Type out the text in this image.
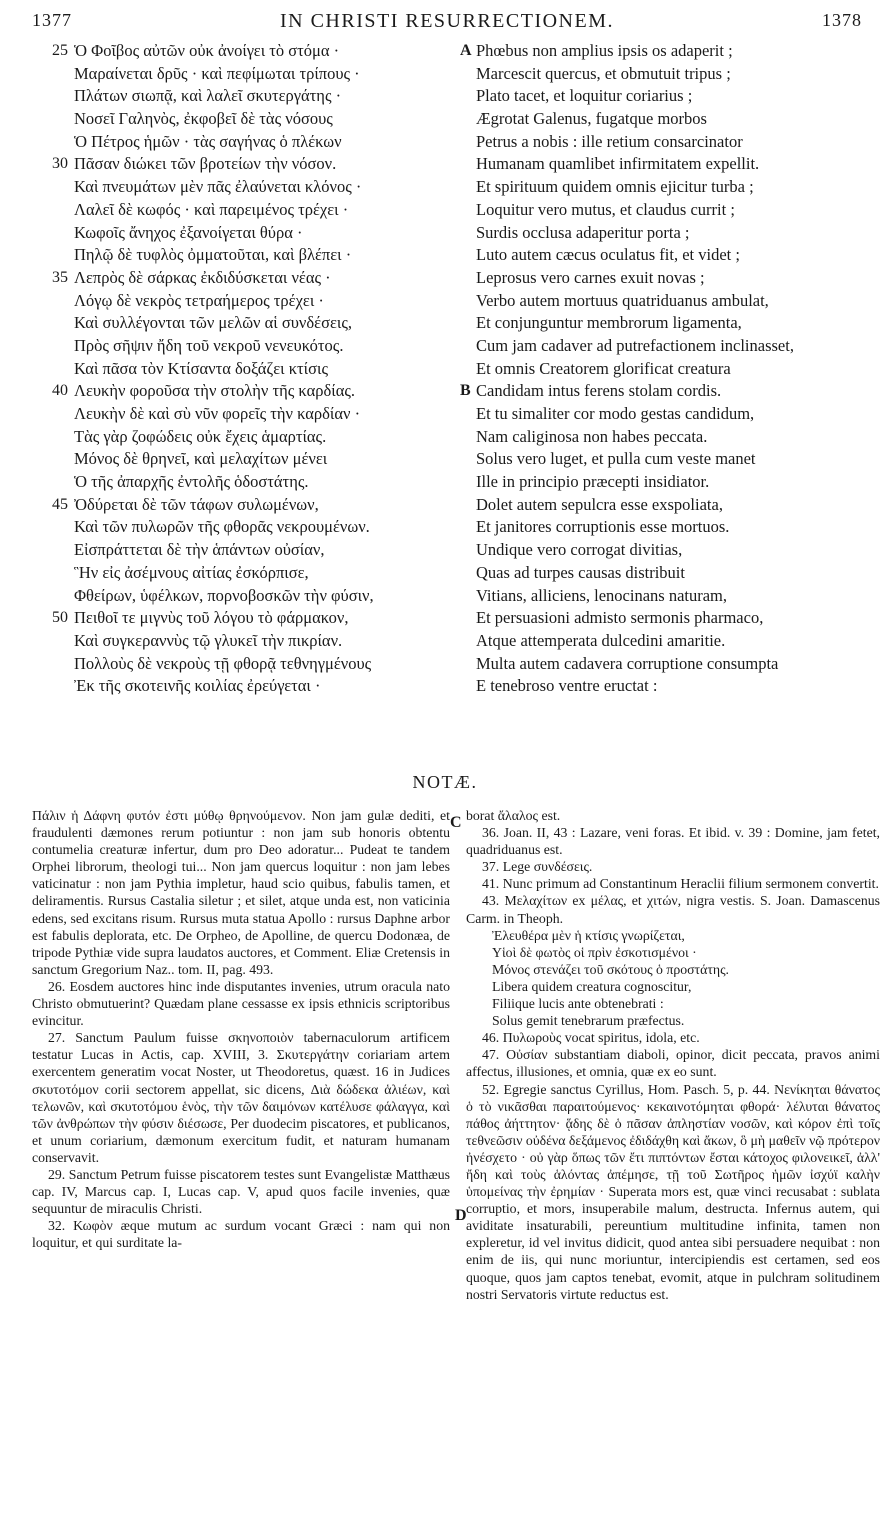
1377	IN CHRISTI RESURRECTIONEM.	1378
25 Ὁ Φοῖβος αὐτῶν οὐκ ἀνοίγει τὸ στόμα ·
Μαραίνεται δρῦς · καὶ πεφίμωται τρίπους ·
Πλάτων σιωπᾷ, καὶ λαλεῖ σκυτεργάτης ·
Νοσεῖ Γαληνὸς, ἐκφοβεῖ δὲ τὰς νόσους
Ὁ Πέτρος ἡμῶν · τὰς σαγήνας ὁ πλέκων
30 Πᾶσαν διώκει τῶν βροτείων τὴν νόσον.
Καὶ πνευμάτων μὲν πᾶς ἐλαύνεται κλόνος ·
Λαλεῖ δὲ κωφός · καὶ παρειμένος τρέχει ·
Κωφοῖς ἄνηχος ἐξανοίγεται θύρα ·
Πηλῷ δὲ τυφλὸς ὀμματοῦται, καὶ βλέπει ·
35 Λεπρὸς δὲ σάρκας ἐκδιδύσκεται νέας ·
Λόγῳ δὲ νεκρὸς τετραήμερος τρέχει ·
Καὶ συλλέγονται τῶν μελῶν αἱ συνδέσεις,
Πρὸς σῆψιν ἤδη τοῦ νεκροῦ νενευκότος.
Καὶ πᾶσα τὸν Κτίσαντα δοξάζει κτίσις
40 Λευκὴν φοροῦσα τὴν στολὴν τῆς καρδίας.
Λευκὴν δὲ καὶ σὺ νῦν φορεῖς τὴν καρδίαν ·
Τὰς γὰρ ζοφώδεις οὐκ ἔχεις ἁμαρτίας.
Μόνος δὲ θρηνεῖ, καὶ μελαχίτων μένει
Ὁ τῆς ἀπαρχῆς ἐντολῆς ὁδοστάτης.
45 Ὀδύρεται δὲ τῶν τάφων συλωμένων,
Καὶ τῶν πυλωρῶν τῆς φθορᾶς νεκρουμένων.
Εἰσπράττεται δὲ τὴν ἁπάντων οὐσίαν,
Ἣν εἰς ἀσέμνους αἰτίας ἐσκόρπισε,
Φθείρων, ὑφέλκων, πορνοβοσκῶν τὴν φύσιν,
50 Πειθοῖ τε μιγνὺς τοῦ λόγου τὸ φάρμακον,
Καὶ συγκεραννὺς τῷ γλυκεῖ τὴν πικρίαν.
Πολλοὺς δὲ νεκροὺς τῇ φθορᾷ τεθνηγμένους
Ἐκ τῆς σκοτεινῆς κοιλίας ἐρεύγεται ·
A Phœbus non amplius ipsis os adaperit ;
Marcescit quercus, et obmutuit tripus ;
Plato tacet, et loquitur coriarius ;
Ægrotat Galenus, fugatque morbos
Petrus a nobis : ille retium consarcinator
Humanam quamlibet infirmitatem expellit.
Et spirituum quidem omnis ejicitur turba ;
Loquitur vero mutus, et claudus currit ;
Surdis occlusa adaperitur porta ;
Luto autem cæcus oculatus fit, et videt ;
Leprosus vero carnes exuit novas ;
Verbo autem mortuus quatriduanus ambulat,
Et conjunguntur membrorum ligamenta,
Cum jam cadaver ad putrefactionem inclinasset,
Et omnis Creatorem glorificat creatura
B Candidam intus ferens stolam cordis.
Et tu simaliter cor modo gestas candidum,
Nam caliginosa non habes peccata.
Solus vero luget, et pulla cum veste manet
Ille in principio præcepti insidiator.
Dolet autem sepulcra esse exspoliata,
Et janitores corruptionis esse mortuos.
Undique vero corrogat divitias,
Quas ad turpes causas distribuit
Vitians, alliciens, lenocinans naturam,
Et persuasioni admisto sermonis pharmaco,
Atque attemperata dulcedini amaritie.
Multa autem cadavera corruptione consumpta
E tenebroso ventre eructat :
NOTÆ.
C
D

Πάλιν ἡ Δάφνη φυτόν ἐστι μύθῳ θρηνούμενον. Non jam gulæ dediti, et fraudulenti dæmones rerum potiuntur : non jam sub honoris obtentu contumelia creaturæ infertur, dum pro Deo adoratur... Pudeat te tandem Orphei librorum, theologi tui... Non jam quercus loquitur : non jam lebes vaticinatur : non jam Pythia impletur, haud scio quibus, fabulis tamen, et deliramentis. Rursus Castalia siletur ; et silet, atque unda est, non vaticinia edens, sed excitans risum. Rursus muta statua Apollo : rursus Daphne arbor est fabulis deplorata, etc. De Orpheo, de Apolline, de quercu Dodonæa, de tripode Pythiæ vide supra laudatos auctores, et Comment. Eliæ Cretensis in sanctum Gregorium Naz.. tom. II, pag. 493.

26. Eosdem auctores hinc inde disputantes invenies, utrum oracula nato Christo obmutuerint? Quædam plane cessasse ex ipsis ethnicis scriptoribus evincitur.

27. Sanctum Paulum fuisse σκηνοποιὸν tabernaculorum artificem testatur Lucas in Actis, cap. XVIII, 3. Σκυτεργάτην coriariam artem exercentem generatim vocat Noster, ut Theodoretus, quæst. 16 in Judices σκυτοτόμον corii sectorem appellat, sic dicens, Διὰ δώδεκα ἁλιέων, καὶ τελωνῶν, καὶ σκυτοτόμου ἑνὸς, τὴν τῶν δαιμόνων κατέλυσε φάλαγγα, καὶ τῶν ἀνθρώπων τὴν φύσιν διέσωσε, Per duodecim piscatores, et publicanos, et unum coriarium, dæmonum exercitum fudit, et naturam humanam conservavit.

29. Sanctum Petrum fuisse piscatorem testes sunt Evangelistæ Matthæus cap. IV, Marcus cap. I, Lucas cap. V, apud quos facile invenies, quæ sequuntur de miraculis Christi.

32. Κωφὸν æque mutum ac surdum vocant Græci : nam qui non loquitur, et qui surditate la-

borat ἄλαλος est.

36. Joan. II, 43 : Lazare, veni foras. Et ibid. v. 39 : Domine, jam fetet, quadriduanus est.

37. Lege συνδέσεις.

41. Nunc primum ad Constantinum Heraclii filium sermonem convertit.

43. Μελαχίτων ex μέλας, et χιτών, nigra vestis. S. Joan. Damascenus Carm. in Theoph.

Ἐλευθέρα μὲν ἡ κτίσις γνωρίζεται,

Υἱοὶ δὲ φωτὸς οἱ πρὶν ἐσκοτισμένοι ·

Μόνος στενάζει τοῦ σκότους ὁ προστάτης.

Libera quidem creatura cognoscitur,

Filiique lucis ante obtenebrati :

Solus gemit tenebrarum præfectus.

46. Πυλωροὺς vocat spiritus, idola, etc.

47. Οὐσίαν substantiam diaboli, opinor, dicit peccata, pravos animi affectus, illusiones, et omnia, quæ ex eo sunt.

52. Egregie sanctus Cyrillus, Hom. Pasch. 5, p. 44. Νενίκηται θάνατος ὁ τὸ νικᾶσθαι παραιτούμενος· κεκαινοτόμηται φθορά· λέλυται θάνατος πάθος ἀήττητον· ᾅδης δὲ ὁ πᾶσαν ἀπληστίαν νοσῶν, καὶ κόρον ἐπὶ τοῖς τεθνεῶσιν οὐδένα δεξάμενος ἐδιδάχθη καὶ ἄκων, ὃ μὴ μαθεῖν νῷ πρότερον ἠνέσχετο · οὐ γὰρ ὅπως τῶν ἔτι πιπτόντων ἔσται κάτοχος φιλονεικεῖ, ἀλλ' ἤδη καὶ τοὺς ἁλόντας ἀπέμησε, τῇ τοῦ Σωτῆρος ἡμῶν ἰσχύϊ καλὴν ὑπομείνας τὴν ἐρημίαν · Superata mors est, quæ vinci recusabat : sublata corruptio, et mors, insuperabile malum, destructa. Infernus autem, qui aviditate insaturabili, pereuntium multitudine infinita, tamen non expleretur, id vel invitus didicit, quod antea sibi persuadere nequibat : non enim de iis, qui nunc moriuntur, intercipiendis est certamen, sed eos quoque, quos jam captos tenebat, evomit, atque in pulchram solitudinem nostri Servatoris virtute reductus est.
